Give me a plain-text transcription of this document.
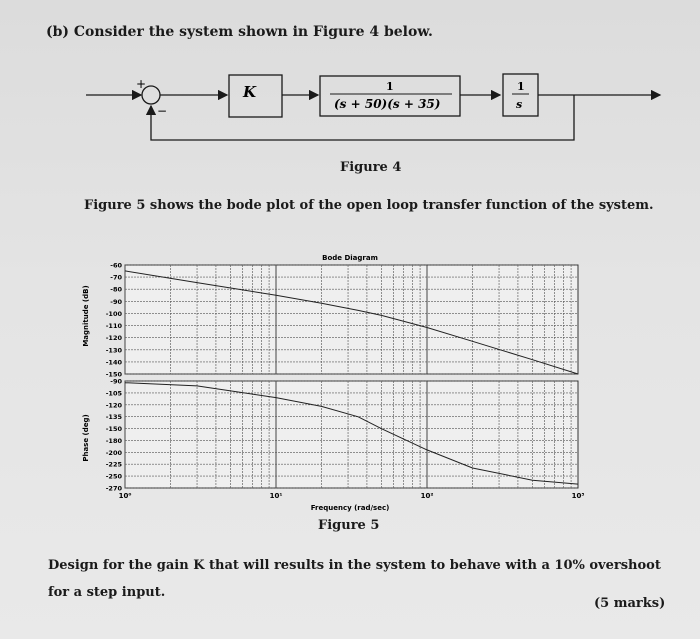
(b) Consider the system shown in Figure 4 below.
+
−
K	1
(s + 50)(s + 35)
1
s
Figure 4
Figure 5 shows the bode plot of the open loop transfer function of the system.
Bode Diagram
-60
-70
-80
-90
-100
-110
-120
-130
-140
-150
-90
-105
-120
-135
-150
-180
-200
-225
-250
-270
Magnitude (dB)
Phase (deg)
Frequency (rad/sec)
10⁰	10¹	10²	10³
Figure 5
Design for the gain K that will results in the system to behave with a 10% overshoot
for a step input.
(5 marks)
